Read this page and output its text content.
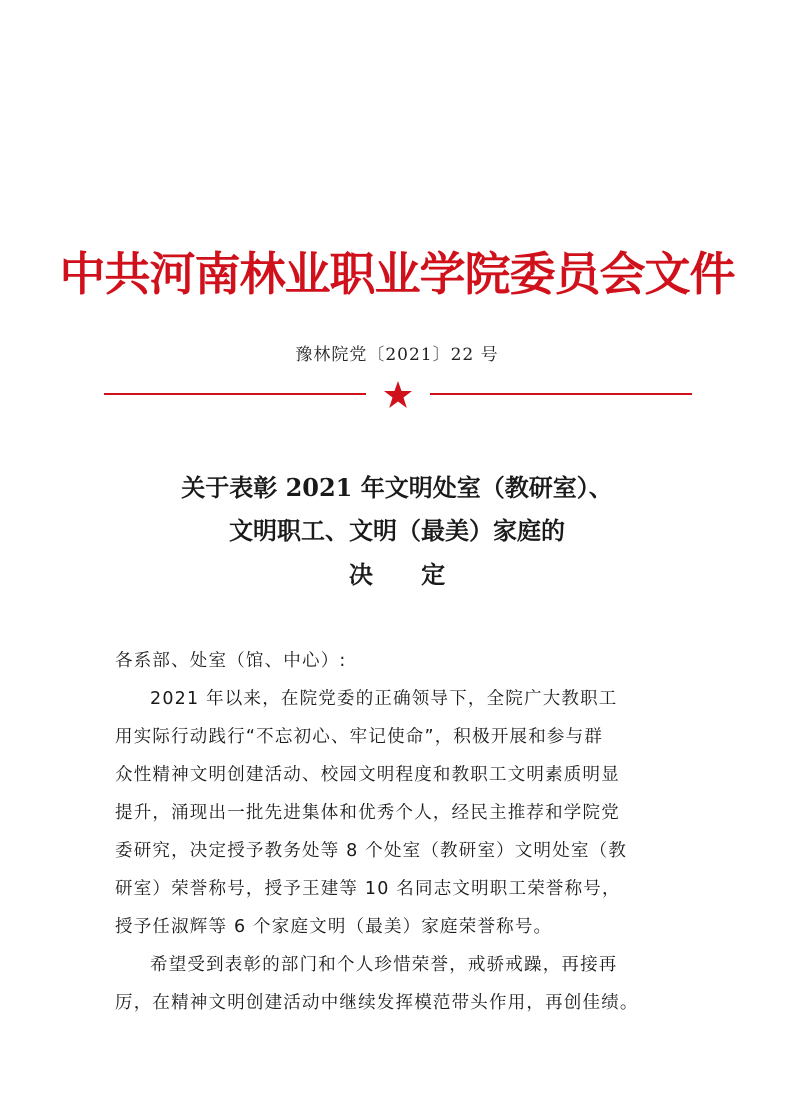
中共河南林业职业学院委员会文件
豫林院党〔2021〕22 号
关于表彰 2021 年文明处室（教研室）、
文明职工、文明（最美）家庭的
决 定
各系部、处室（馆、中心）:
2021 年以来，在院党委的正确领导下，全院广大教职工
用实际行动践行“不忘初心、牢记使命”，积极开展和参与群
众性精神文明创建活动、校园文明程度和教职工文明素质明显
提升，涌现出一批先进集体和优秀个人，经民主推荐和学院党
委研究，决定授予教务处等 8 个处室（教研室）文明处室（教
研室）荣誉称号，授予王建等 10 名同志文明职工荣誉称号，
授予任淑辉等 6 个家庭文明（最美）家庭荣誉称号。
希望受到表彰的部门和个人珍惜荣誉，戒骄戒躁，再接再
厉，在精神文明创建活动中继续发挥模范带头作用，再创佳绩。
